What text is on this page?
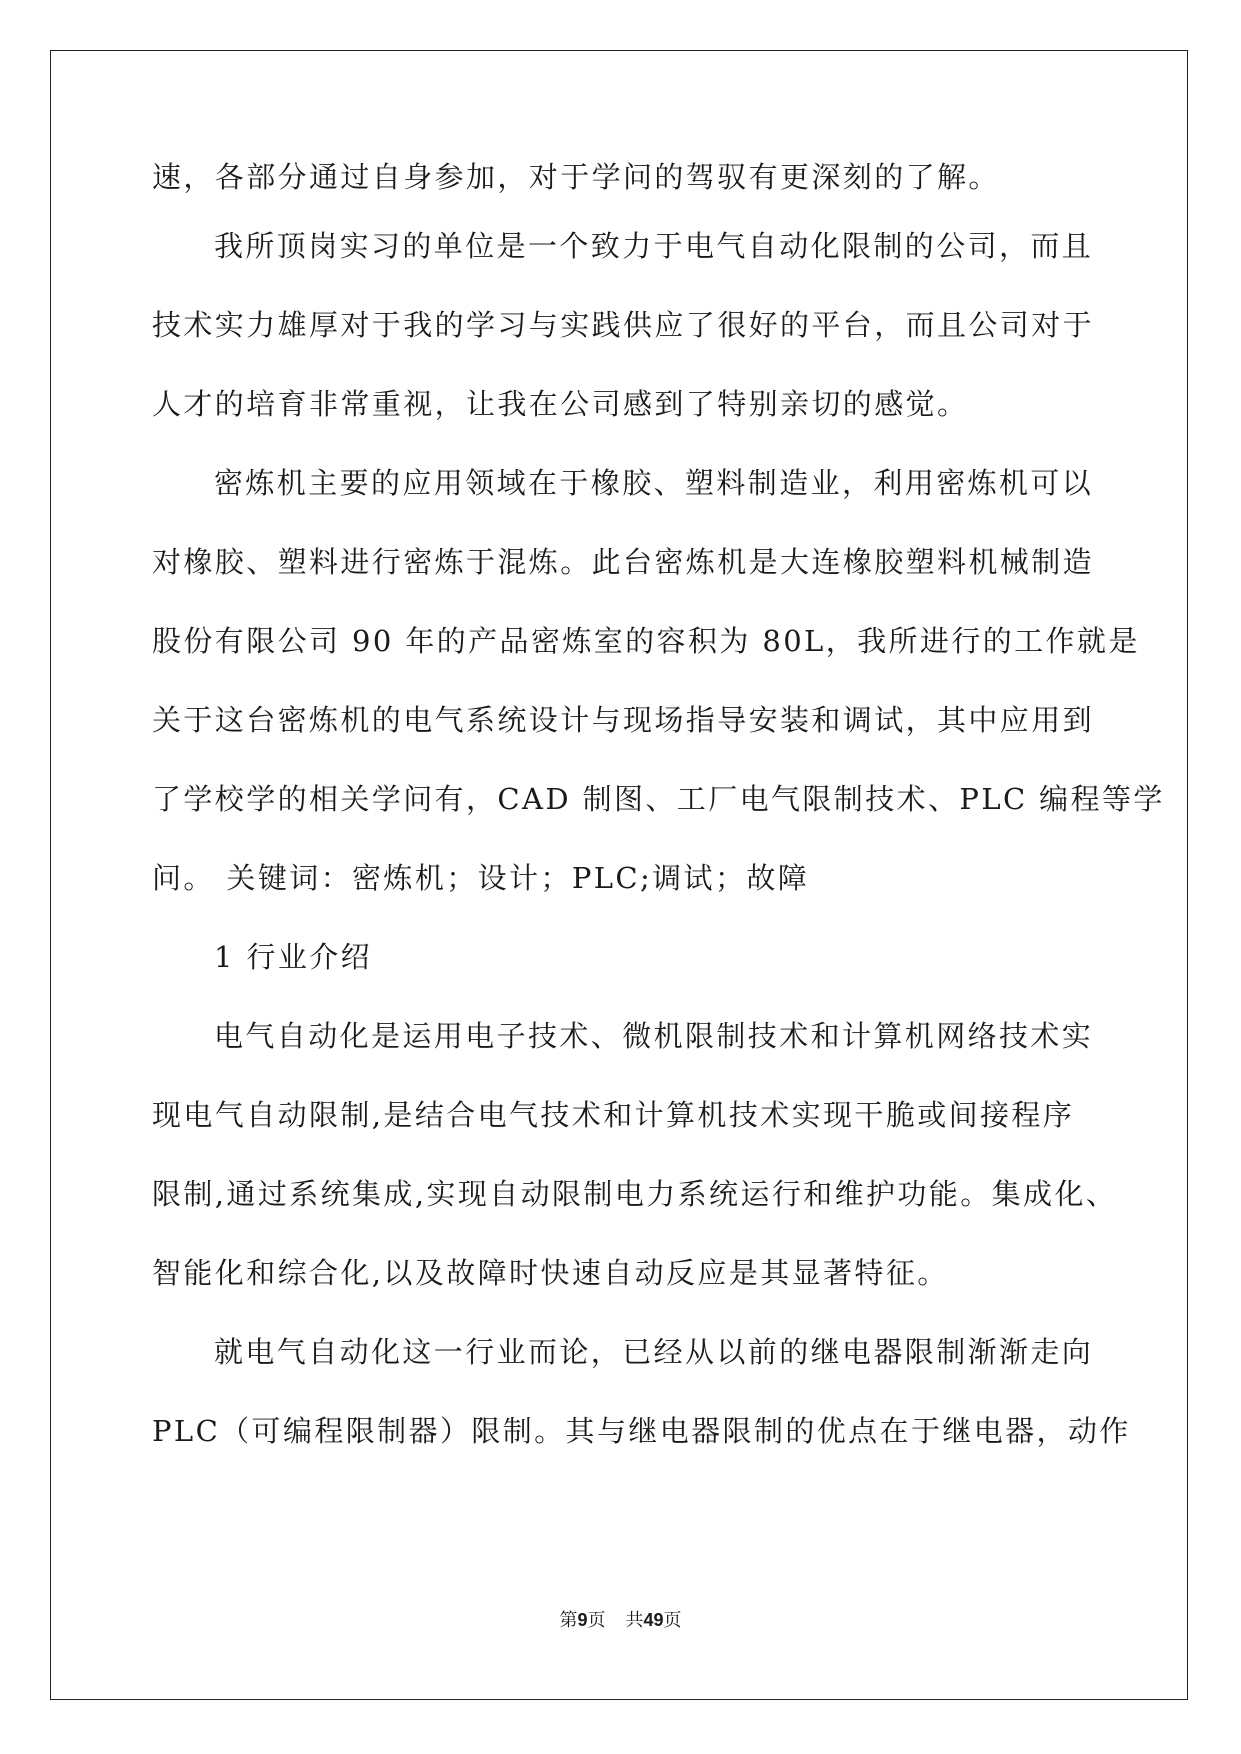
速，各部分通过自身参加，对于学问的驾驭有更深刻的了解。
我所顶岗实习的单位是一个致力于电气自动化限制的公司，而且
技术实力雄厚对于我的学习与实践供应了很好的平台，而且公司对于
人才的培育非常重视，让我在公司感到了特别亲切的感觉。
密炼机主要的应用领域在于橡胶、塑料制造业，利用密炼机可以
对橡胶、塑料进行密炼于混炼。此台密炼机是大连橡胶塑料机械制造
股份有限公司 90 年的产品密炼室的容积为 80L，我所进行的工作就是
关于这台密炼机的电气系统设计与现场指导安装和调试，其中应用到
了学校学的相关学问有，CAD 制图、工厂电气限制技术、PLC 编程等学
问。 关键词：密炼机；设计；PLC;调试；故障
1 行业介绍
电气自动化是运用电子技术、微机限制技术和计算机网络技术实
现电气自动限制,是结合电气技术和计算机技术实现干脆或间接程序
限制,通过系统集成,实现自动限制电力系统运行和维护功能。集成化、
智能化和综合化,以及故障时快速自动反应是其显著特征。
就电气自动化这一行业而论，已经从以前的继电器限制渐渐走向
PLC（可编程限制器）限制。其与继电器限制的优点在于继电器，动作
第9页 共49页
